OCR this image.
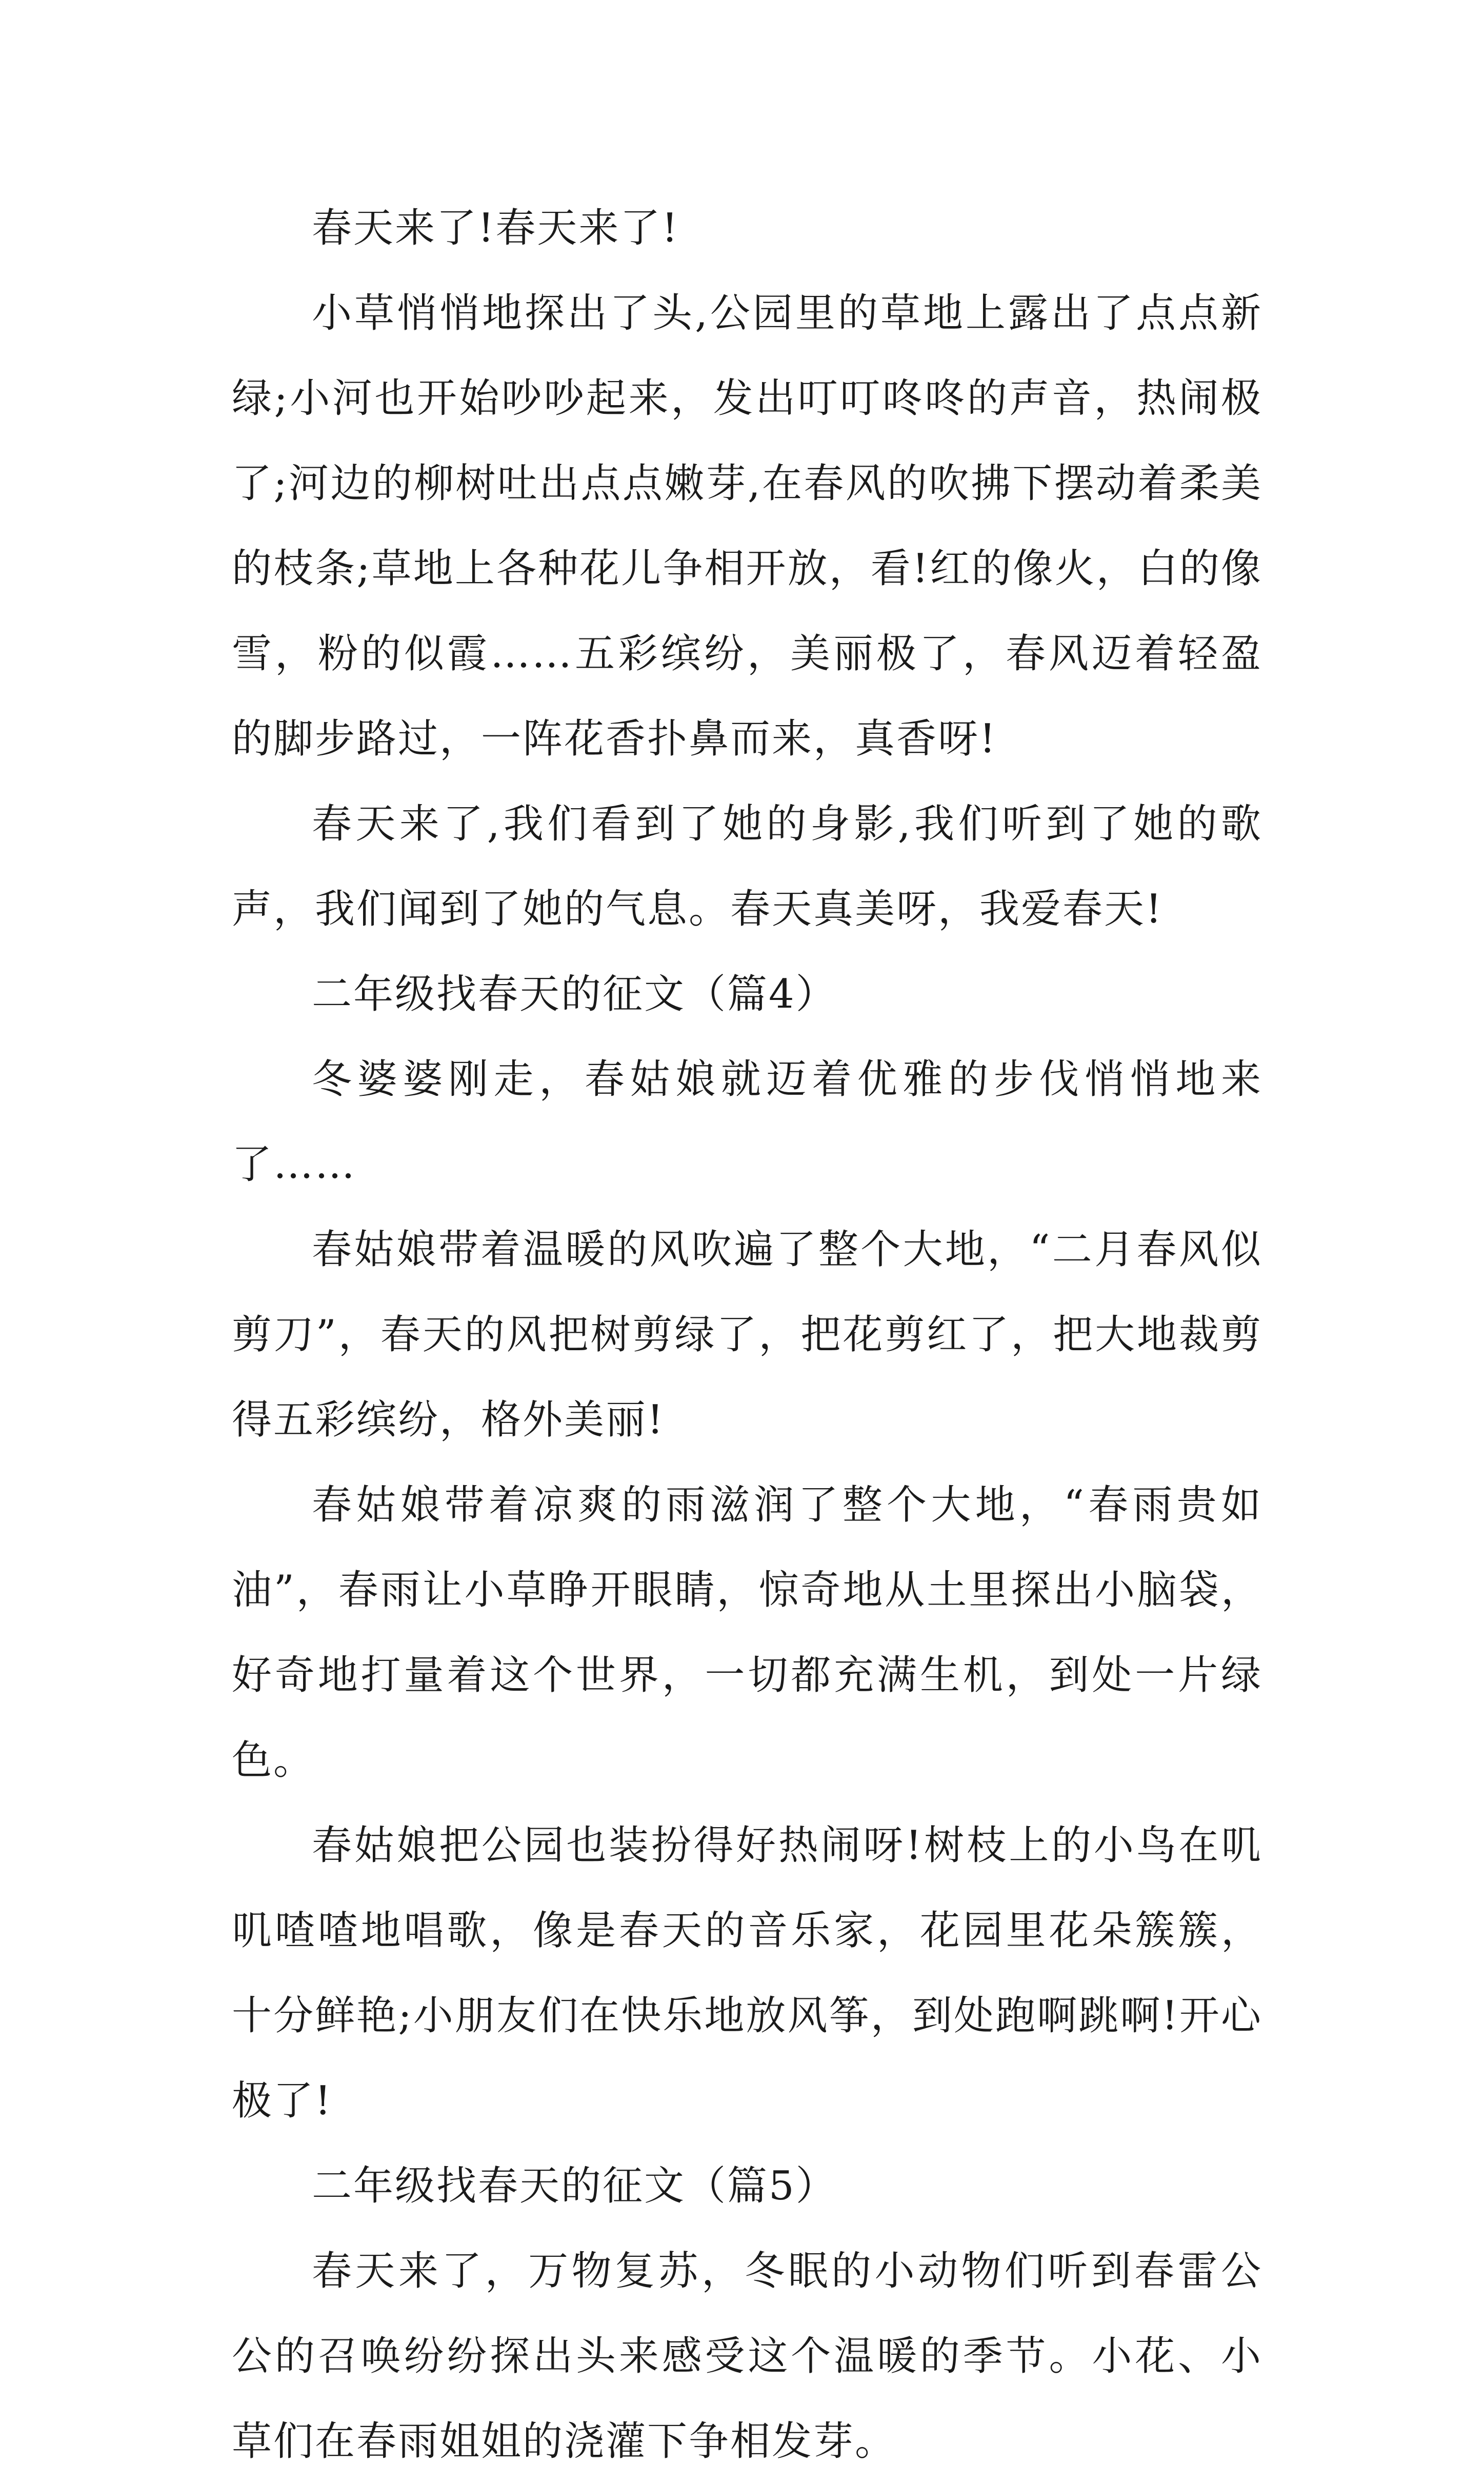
春天来了!春天来了!

小草悄悄地探出了头,公园里的草地上露出了点点新绿;小河也开始吵吵起来，发出叮叮咚咚的声音，热闹极了;河边的柳树吐出点点嫩芽,在春风的吹拂下摆动着柔美的枝条;草地上各种花儿争相开放，看!红的像火，白的像雪，粉的似霞……五彩缤纷，美丽极了，春风迈着轻盈的脚步路过，一阵花香扑鼻而来，真香呀!

春天来了,我们看到了她的身影,我们听到了她的歌声，我们闻到了她的气息。春天真美呀，我爱春天!

二年级找春天的征文（篇4）

冬婆婆刚走，春姑娘就迈着优雅的步伐悄悄地来了……

春姑娘带着温暖的风吹遍了整个大地，“二月春风似剪刀”，春天的风把树剪绿了，把花剪红了，把大地裁剪得五彩缤纷，格外美丽!

春姑娘带着凉爽的雨滋润了整个大地，“春雨贵如油”，春雨让小草睁开眼睛，惊奇地从土里探出小脑袋，好奇地打量着这个世界，一切都充满生机，到处一片绿色。

春姑娘把公园也装扮得好热闹呀!树枝上的小鸟在叽叽喳喳地唱歌，像是春天的音乐家，花园里花朵簇簇，十分鲜艳;小朋友们在快乐地放风筝，到处跑啊跳啊!开心极了!

二年级找春天的征文（篇5）

春天来了，万物复苏，冬眠的小动物们听到春雷公公的召唤纷纷探出头来感受这个温暖的季节。小花、小草们在春雨姐姐的浇灌下争相发芽。
